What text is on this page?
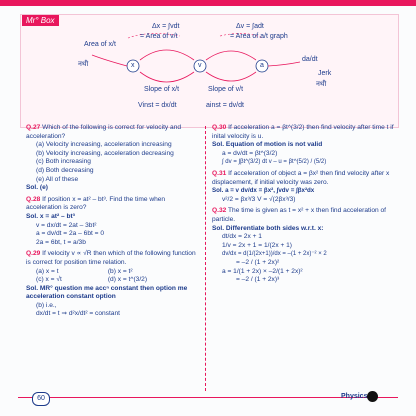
Mr° Box
Δx = ∫vdt
= Area of v/t
Δv = ∫adt
= Area of a/t graph
Area of x/t
नथी	x	v	a
da/dt
Jerk
नथी
Slope of x/t	Slope of v/t
Vinst = dx/dt	ainst = dv/dt
Q.27 Which of the following is correct for velocity and acceleration?
(a) Velocity increasing, acceleration increasing
(b) Velocity increasing, acceleration decreasing
(c) Both increasing
(d) Both decreasing
(e) All of these
Sol. (e)
Q.28 If position x = at² – bt³. Find the time when acceleration is zero?
Sol. x = at² – bt³
v = dx/dt = 2at – 3bt²
a = dv/dt = 2a – 6bt = 0
2a = 6bt, t = a/3b
Q.29 If velocity v ∝ √R then which of the following function is correct for position time relation.
(a) x = t	(b) x = t²
(c) x = √t	(d) x = t^(3/2)
Sol. MR° question me accⁿ constant then option me acceleration constant option
(b) i.e.,
dx/dt = t ⇒ d²x/dt² = constant
Q.30 If acceleration a = βt^(3/2) then find velocity after time t if inital velocity is u.
Sol. Equation of motion is not valid
a = dv/dt = βt^(3/2)
∫ dv = ∫βt^(3/2) dt v – u = βt^(5/2) / (5/2)
Q.31 If acceleration of object a = βx² then find velocity after x displacement, if initial velocity was zero.
Sol. a = v dv/dx = βx², ∫vdv = ∫βx²dx
v²/2 = βx³/3 V = √(2βx³/3)
Q.32 The time is given as t = x² + x then find acceleration of particle.
Sol. Differentiate both sides w.r.t. x:
dt/dx = 2x + 1
1/v = 2x + 1 = 1/(2x + 1)
dv/dx = d(1/(2x+1))/dx = –(1 + 2x)⁻² × 2
= –2 / (1 + 2x)²
a = 1/(1 + 2x) × –2/(1 + 2x)²
= –2 / (1 + 2x)³
60	Physics
